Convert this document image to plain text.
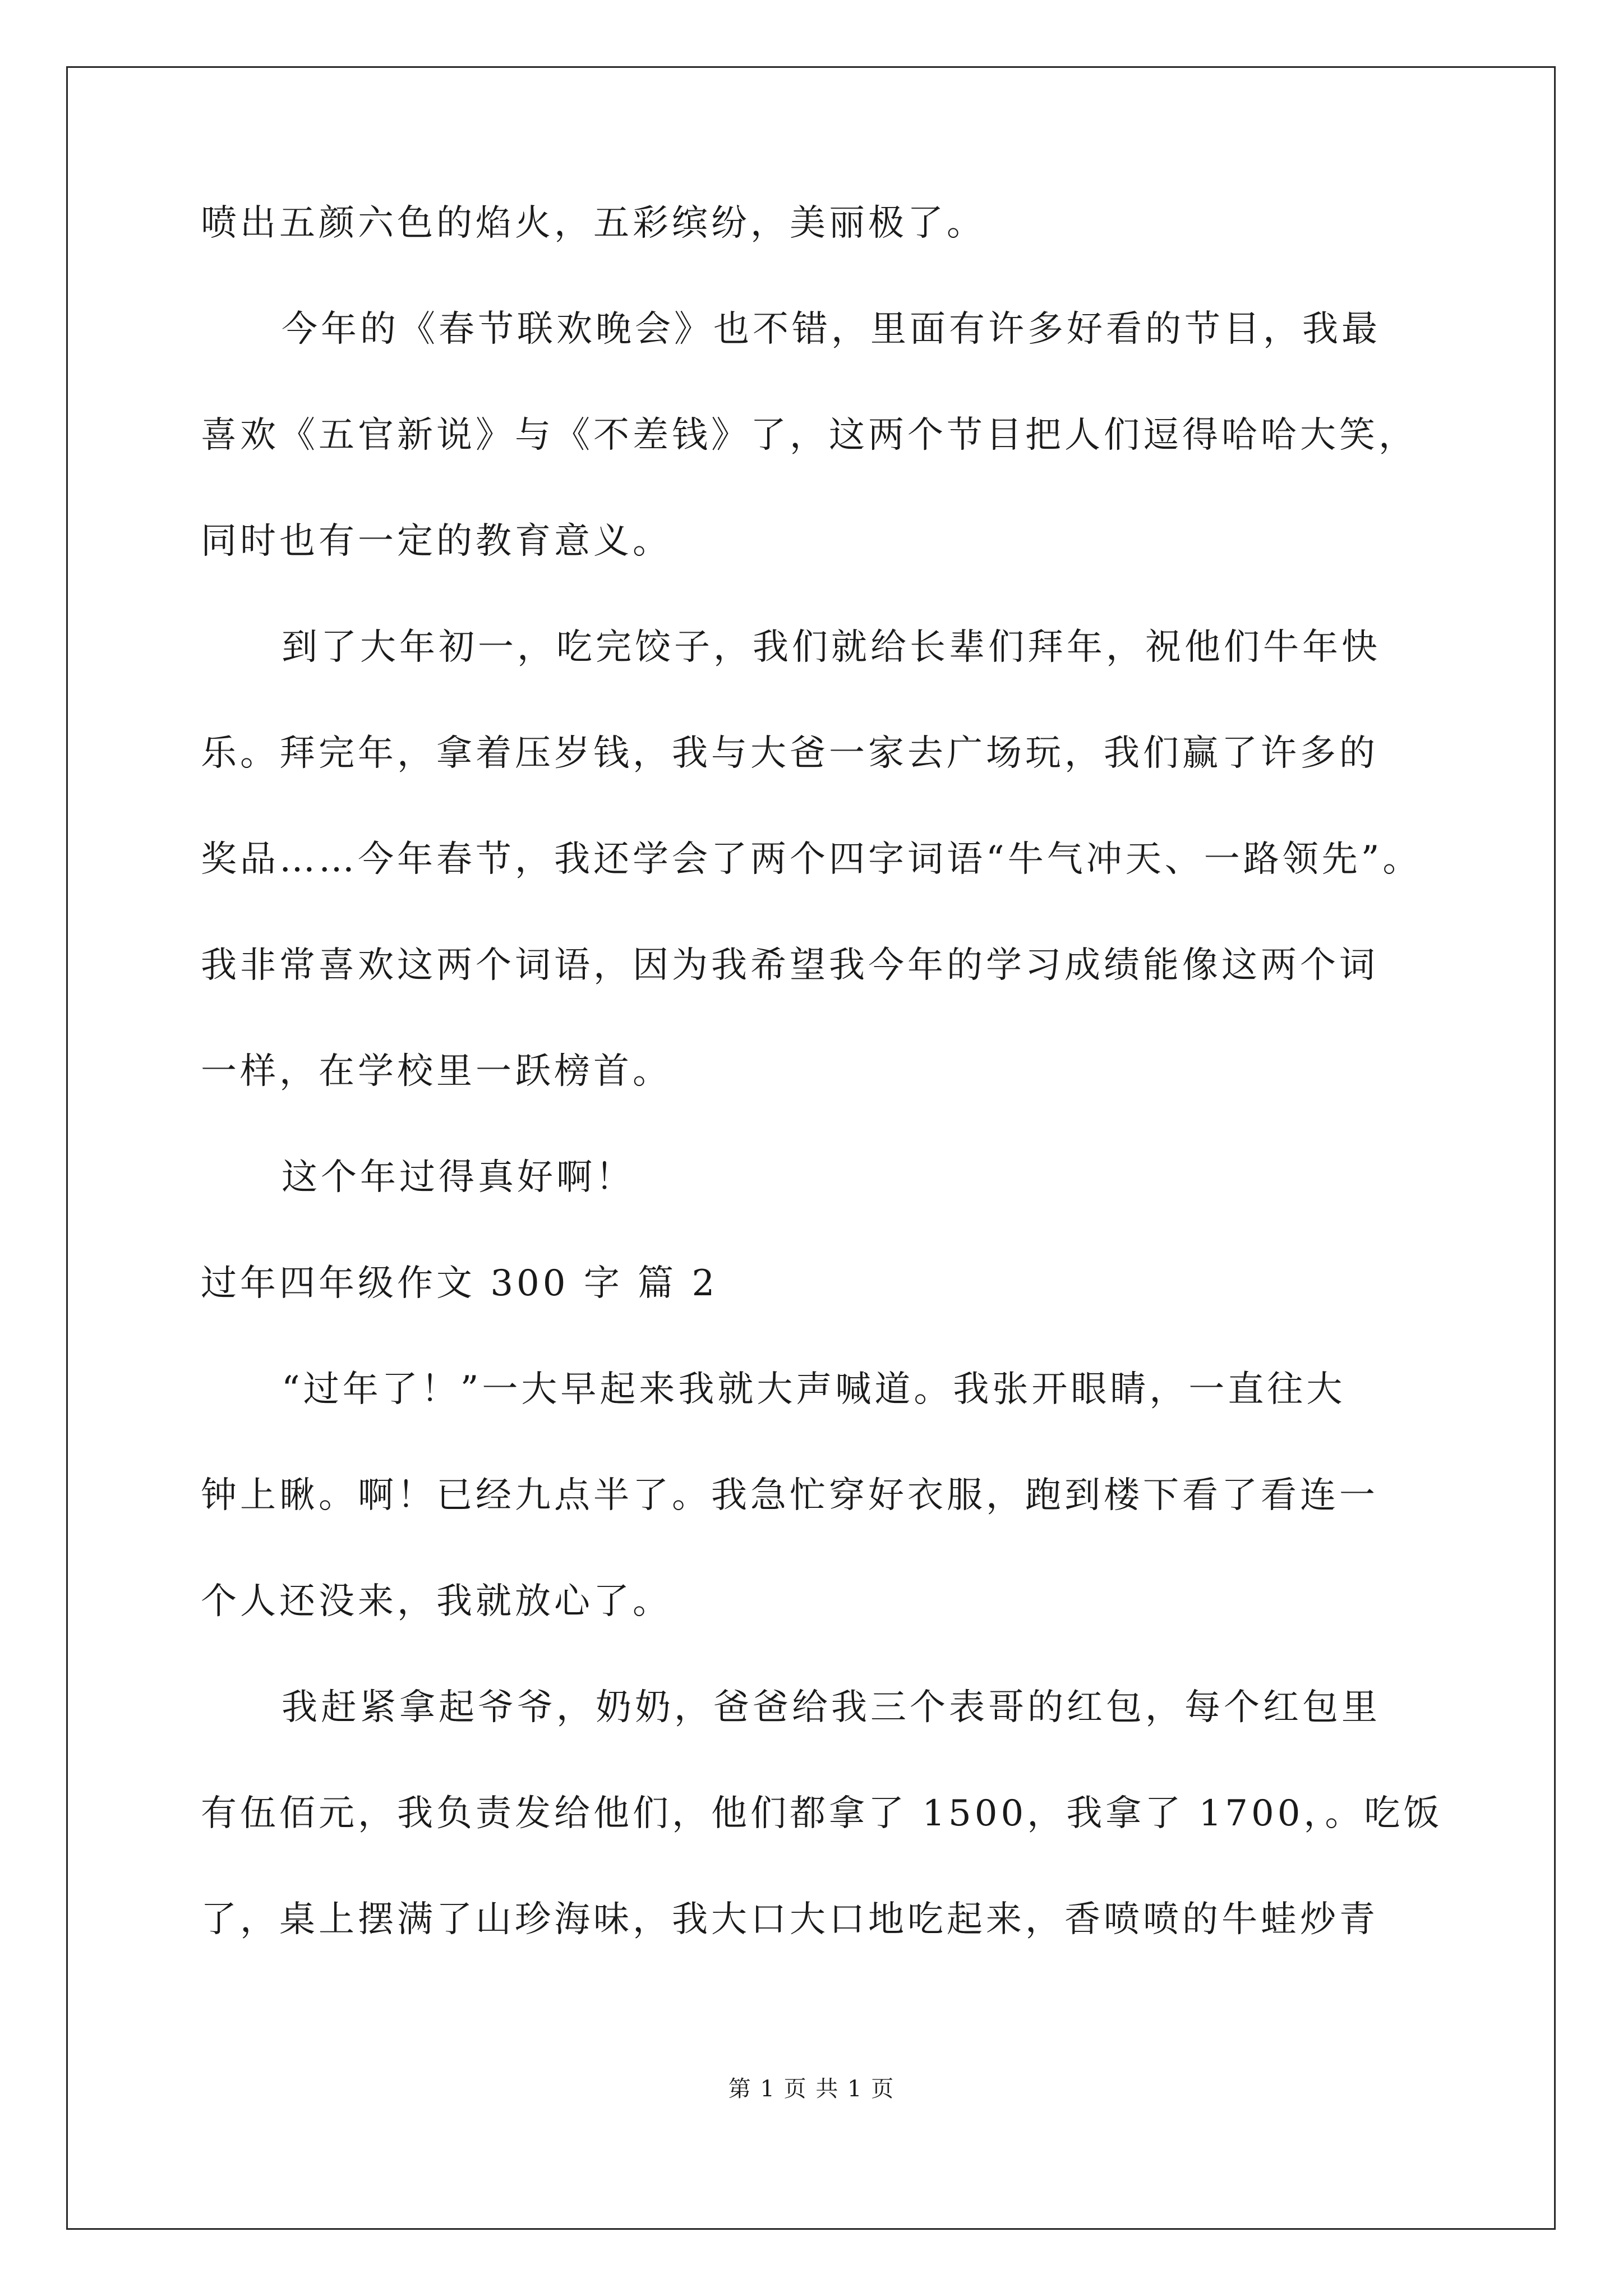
喷出五颜六色的焰火，五彩缤纷，美丽极了。
今年的《春节联欢晚会》也不错，里面有许多好看的节目，我最
喜欢《五官新说》与《不差钱》了，这两个节目把人们逗得哈哈大笑，
同时也有一定的教育意义。
到了大年初一，吃完饺子，我们就给长辈们拜年，祝他们牛年快
乐。拜完年，拿着压岁钱，我与大爸一家去广场玩，我们赢了许多的
奖品……今年春节，我还学会了两个四字词语“牛气冲天、一路领先”。
我非常喜欢这两个词语，因为我希望我今年的学习成绩能像这两个词
一样，在学校里一跃榜首。
这个年过得真好啊！
过年四年级作文 300 字 篇 2
“过年了！”一大早起来我就大声喊道。我张开眼睛，一直往大
钟上瞅。啊！已经九点半了。我急忙穿好衣服，跑到楼下看了看连一
个人还没来，我就放心了。
我赶紧拿起爷爷，奶奶，爸爸给我三个表哥的红包，每个红包里
有伍佰元，我负责发给他们，他们都拿了 1500，我拿了 1700，。吃饭
了，桌上摆满了山珍海味，我大口大口地吃起来，香喷喷的牛蛙炒青
第 1 页 共 1 页
